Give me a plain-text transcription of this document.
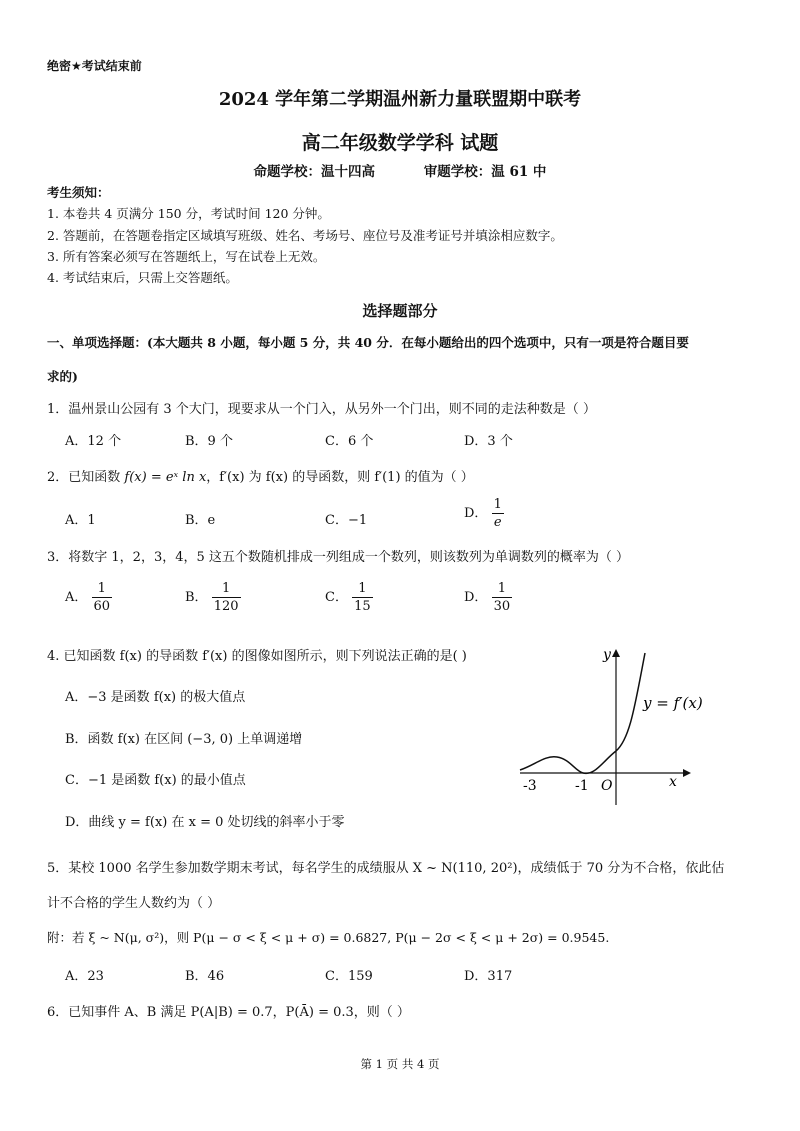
绝密★考试结束前
2024 学年第二学期温州新力量联盟期中联考
高二年级数学学科 试题
命题学校：温十四高	审题学校：温 61 中
考生须知：
1. 本卷共 4 页满分 150 分，考试时间 120 分钟。
2. 答题前，在答题卷指定区域填写班级、姓名、考场号、座位号及准考证号并填涂相应数字。
3. 所有答案必须写在答题纸上，写在试卷上无效。
4. 考试结束后，只需上交答题纸。
选择题部分
一、单项选择题：(本大题共 8 小题，每小题 5 分，共 40 分．在每小题给出的四个选项中，只有一项是符合题目要
求的)
1．温州景山公园有 3 个大门，现要求从一个门入，从另外一个门出，则不同的走法种数是（ ）
A．12 个	B．9 个	C．6 个	D．3 个
2．已知函数 f(x) = eˣ ln x，f′(x) 为 f(x) 的导函数，则 f′(1) 的值为（ ）
A．1	B．e	C．−1	D． $\frac{1}{e}$
3．将数字 1，2，3，4，5 这五个数随机排成一列组成一个数列，则该数列为单调数列的概率为（ ）
A． $\frac{1}{60}$	B． $\frac{1}{120}$	C． $\frac{1}{15}$	D． $\frac{1}{30}$
4. 已知函数 f(x) 的导函数 f′(x) 的图像如图所示，则下列说法正确的是( )
A．−3 是函数 f(x) 的极大值点
B．函数 f(x) 在区间 (−3, 0) 上单调递增
C．−1 是函数 f(x) 的最小值点
D．曲线 y = f(x) 在 x = 0 处切线的斜率小于零
y
x
y = f′(x)
-3	-1 O
5．某校 1000 名学生参加数学期末考试，每名学生的成绩服从 X ~ N(110, 20²)，成绩低于 70 分为不合格，依此估
计不合格的学生人数约为（ ）
附：若 ξ ~ N(μ, σ²)，则 P(μ − σ < ξ < μ + σ) = 0.6827, P(μ − 2σ < ξ < μ + 2σ) = 0.9545.
A．23	B．46	C．159	D．317
6．已知事件 A、B 满足 P(A|B) = 0.7，P(Ā) = 0.3，则（ ）
第 1 页 共 4 页
